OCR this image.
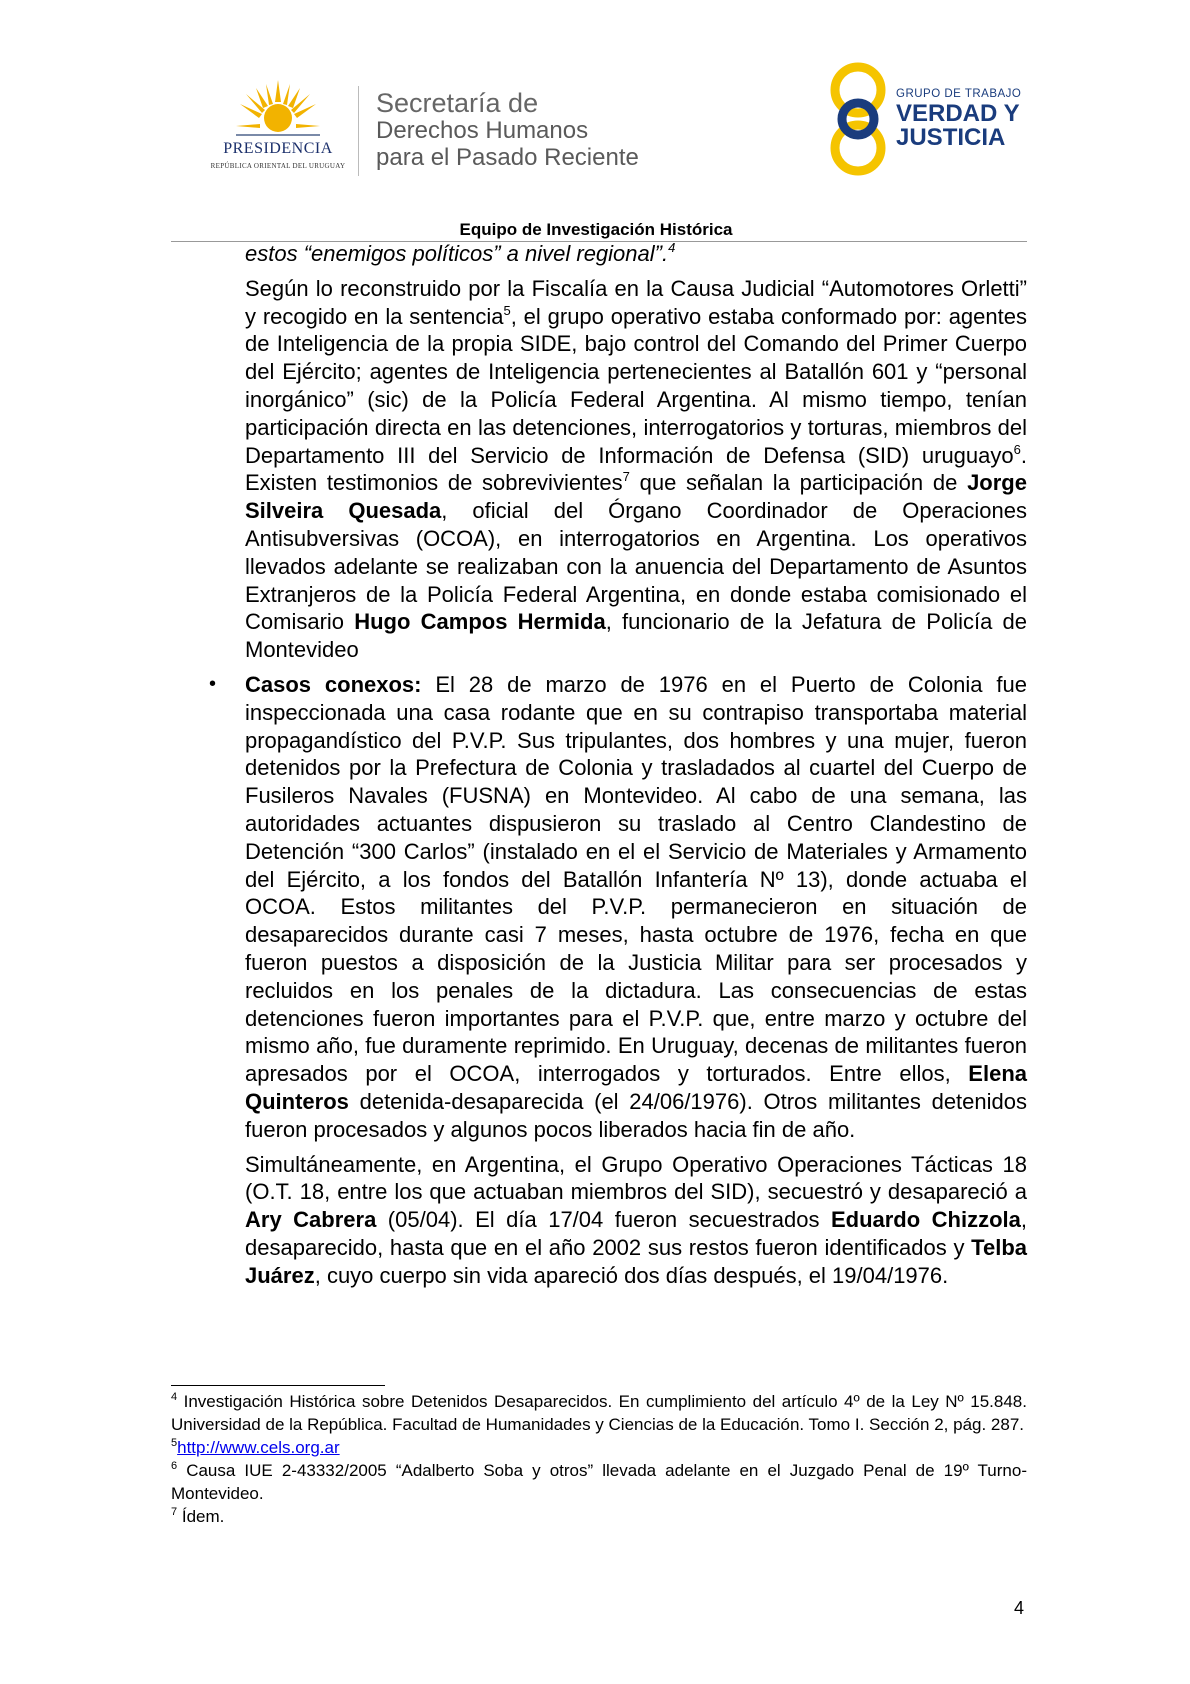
PRESIDENCIA
REPÚBLICA ORIENTAL DEL URUGUAY
Secretaría de
Derechos Humanos
para el Pasado Reciente
GRUPO DE TRABAJO
VERDAD Y
JUSTICIA
Equipo de Investigación Histórica

estos “enemigos políticos” a nivel regional”.$^4$

Según lo reconstruido por la Fiscalía en la Causa Judicial “Automotores Orletti” y recogido en la sentencia$^5$, el grupo operativo estaba conformado por: agentes de Inteligencia de la propia SIDE, bajo control del Comando del Primer Cuerpo del Ejército; agentes de Inteligencia pertenecientes al Batallón 601 y “personal inorgánico” (sic) de la Policía Federal Argentina. Al mismo tiempo, tenían participación directa en las detenciones, interrogatorios y torturas, miembros del Departamento III del Servicio de Información de Defensa (SID) uruguayo$^6$. Existen testimonios de sobrevivientes$^7$ que señalan la participación de Jorge Silveira Quesada, oficial del Órgano Coordinador de Operaciones Antisubversivas (OCOA), en interrogatorios en Argentina. Los operativos llevados adelante se realizaban con la anuencia del Departamento de Asuntos Extranjeros de la Policía Federal Argentina, en donde estaba comisionado el Comisario Hugo Campos Hermida, funcionario de la Jefatura de Policía de Montevideo

• Casos conexos: El 28 de marzo de 1976 en el Puerto de Colonia fue inspeccionada una casa rodante que en su contrapiso transportaba material propagandístico del P.V.P. Sus tripulantes, dos hombres y una mujer, fueron detenidos por la Prefectura de Colonia y trasladados al cuartel del Cuerpo de Fusileros Navales (FUSNA) en Montevideo. Al cabo de una semana, las autoridades actuantes dispusieron su traslado al Centro Clandestino de Detención “300 Carlos” (instalado en el el Servicio de Materiales y Armamento del Ejército, a los fondos del Batallón Infantería Nº 13), donde actuaba el OCOA. Estos militantes del P.V.P. permanecieron en situación de desaparecidos durante casi 7 meses, hasta octubre de 1976, fecha en que fueron puestos a disposición de la Justicia Militar para ser procesados y recluidos en los penales de la dictadura. Las consecuencias de estas detenciones fueron importantes para el P.V.P. que, entre marzo y octubre del mismo año, fue duramente reprimido. En Uruguay, decenas de militantes fueron apresados por el OCOA, interrogados y torturados. Entre ellos, Elena Quinteros detenida-desaparecida (el 24/06/1976). Otros militantes detenidos fueron procesados y algunos pocos liberados hacia fin de año.

Simultáneamente, en Argentina, el Grupo Operativo Operaciones Tácticas 18 (O.T. 18, entre los que actuaban miembros del SID), secuestró y desapareció a Ary Cabrera (05/04). El día 17/04 fueron secuestrados Eduardo Chizzola, desaparecido, hasta que en el año 2002 sus restos fueron identificados y Telba Juárez, cuyo cuerpo sin vida apareció dos días después, el 19/04/1976.

$^4$ Investigación Histórica sobre Detenidos Desaparecidos. En cumplimiento del artículo 4º de la Ley Nº 15.848. Universidad de la República. Facultad de Humanidades y Ciencias de la Educación. Tomo I. Sección 2, pág. 287.

$^5$http://www.cels.org.ar

$^6$ Causa IUE 2-43332/2005 “Adalberto Soba y otros” llevada adelante en el Juzgado Penal de 19º Turno-Montevideo.

$^7$ Ídem.

4
